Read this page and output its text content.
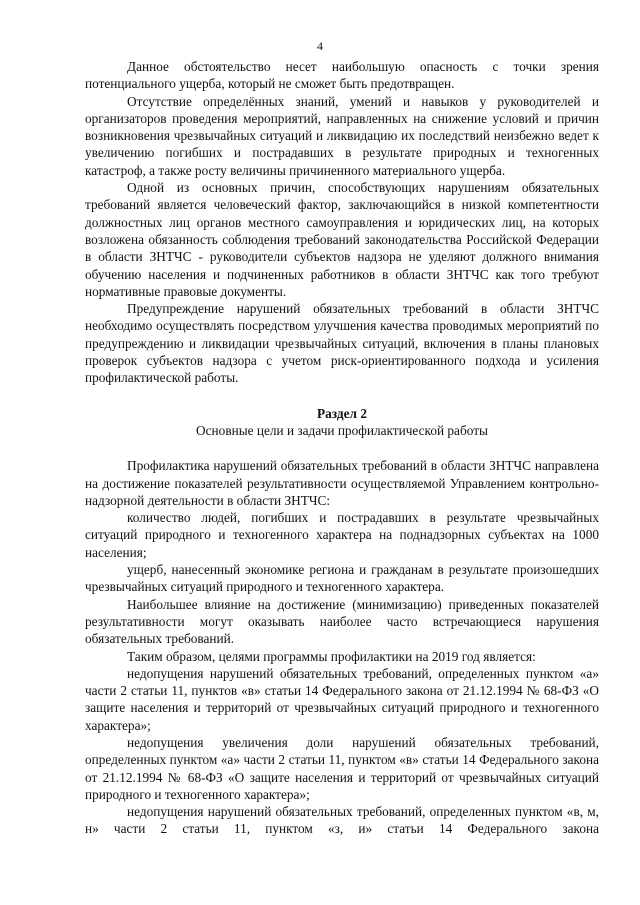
4

Данное обстоятельство несет наибольшую опасность с точки зрения потенциального ущерба, который не сможет быть предотвращен.

Отсутствие определённых знаний, умений и навыков у руководителей и организаторов проведения мероприятий, направленных на снижение условий и причин возникновения чрезвычайных ситуаций и ликвидацию их последствий неизбежно ведет к увеличению погибших и пострадавших в результате природных и техногенных катастроф, а также росту величины причиненного материального ущерба.

Одной из основных причин, способствующих нарушениям обязательных требований является человеческий фактор, заключающийся в низкой компетентности должностных лиц органов местного самоуправления и юридических лиц, на которых возложена обязанность соблюдения требований законодательства Российской Федерации в области ЗНТЧС - руководители субъектов надзора не уделяют должного внимания обучению населения и подчиненных работников в области ЗНТЧС как того требуют нормативные правовые документы.

Предупреждение нарушений обязательных требований в области ЗНТЧС необходимо осуществлять посредством улучшения качества проводимых мероприятий по предупреждению и ликвидации чрезвычайных ситуаций, включения в планы плановых проверок субъектов надзора с учетом риск-ориентированного подхода и усиления профилактической работы.

Раздел 2
Основные цели и задачи профилактической работы

Профилактика нарушений обязательных требований в области ЗНТЧС направлена на достижение показателей результативности осуществляемой Управлением контрольно-надзорной деятельности в области ЗНТЧС:

количество людей, погибших и пострадавших в результате чрезвычайных ситуаций природного и техногенного характера на поднадзорных субъектах на 1000 населения;

ущерб, нанесенный экономике региона и гражданам в результате произошедших чрезвычайных ситуаций природного и техногенного характера.

Наибольшее влияние на достижение (минимизацию) приведенных показателей результативности могут оказывать наиболее часто встречающиеся нарушения обязательных требований.

Таким образом, целями программы профилактики на 2019 год является:

недопущения нарушений обязательных требований, определенных пунктом «а» части 2 статьи 11, пунктов «в» статьи 14 Федерального закона от 21.12.1994 № 68-ФЗ «О защите населения и территорий от чрезвычайных ситуаций природного и техногенного характера»;

недопущения увеличения доли нарушений обязательных требований, определенных пунктом «а» части 2 статьи 11, пунктом «в» статьи 14 Федерального закона от 21.12.1994 № 68-ФЗ «О защите населения и территорий от чрезвычайных ситуаций природного и техногенного характера»;

недопущения нарушений обязательных требований, определенных пунктом «в, м, н» части 2 статьи 11, пунктом «з, и» статьи 14 Федерального закона
